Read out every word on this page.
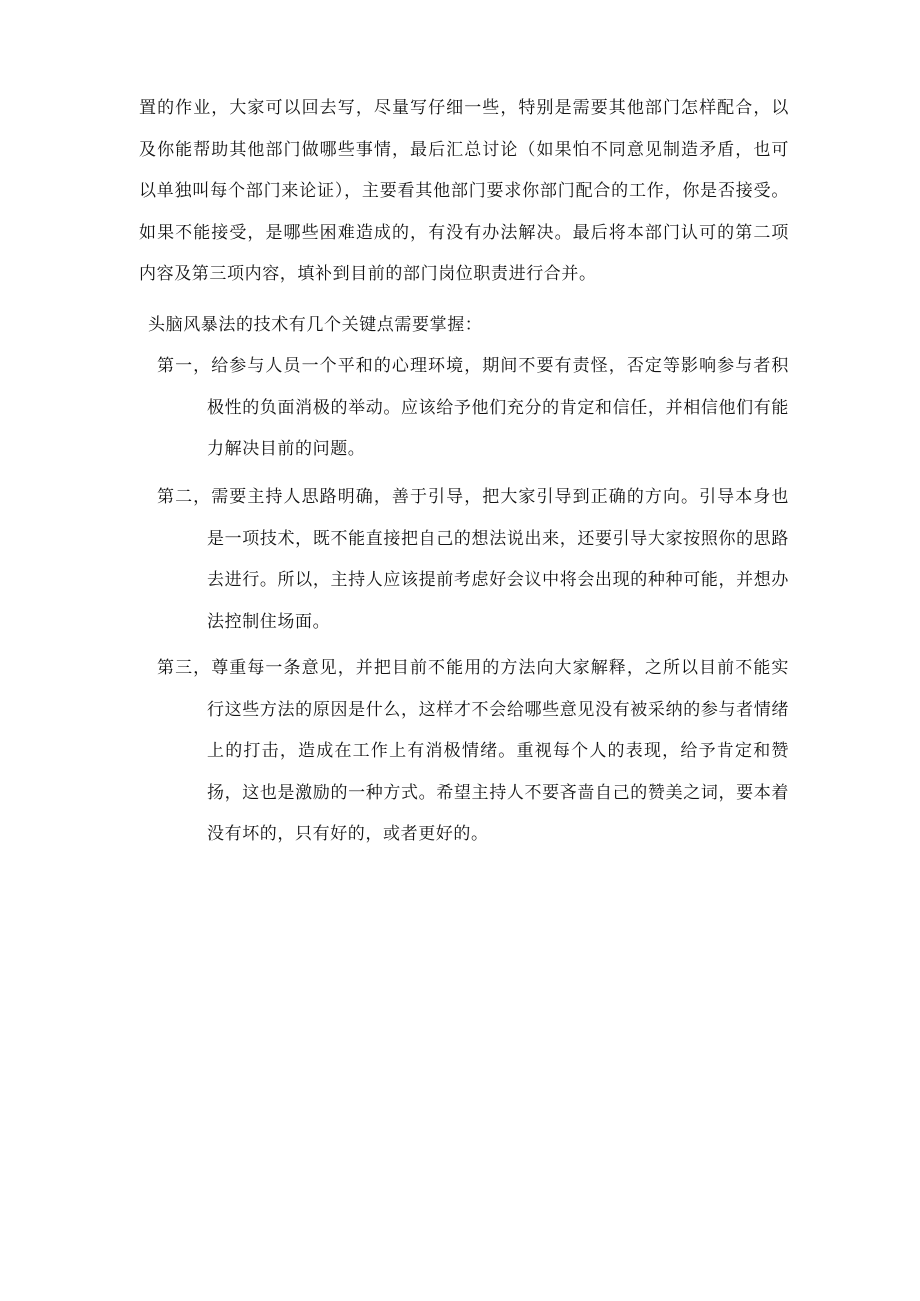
置的作业，大家可以回去写，尽量写仔细一些，特别是需要其他部门怎样配合，以及你能帮助其他部门做哪些事情，最后汇总讨论（如果怕不同意见制造矛盾，也可以单独叫每个部门来论证），主要看其他部门要求你部门配合的工作，你是否接受。如果不能接受，是哪些困难造成的，有没有办法解决。最后将本部门认可的第二项内容及第三项内容，填补到目前的部门岗位职责进行合并。

头脑风暴法的技术有几个关键点需要掌握：

第一，给参与人员一个平和的心理环境，期间不要有责怪，否定等影响参与者积极性的负面消极的举动。应该给予他们充分的肯定和信任，并相信他们有能力解决目前的问题。
第二，需要主持人思路明确，善于引导，把大家引导到正确的方向。引导本身也是一项技术，既不能直接把自己的想法说出来，还要引导大家按照你的思路去进行。所以，主持人应该提前考虑好会议中将会出现的种种可能，并想办法控制住场面。
第三，尊重每一条意见，并把目前不能用的方法向大家解释，之所以目前不能实行这些方法的原因是什么，这样才不会给哪些意见没有被采纳的参与者情绪上的打击，造成在工作上有消极情绪。重视每个人的表现，给予肯定和赞扬，这也是激励的一种方式。希望主持人不要吝啬自己的赞美之词，要本着没有坏的，只有好的，或者更好的。
